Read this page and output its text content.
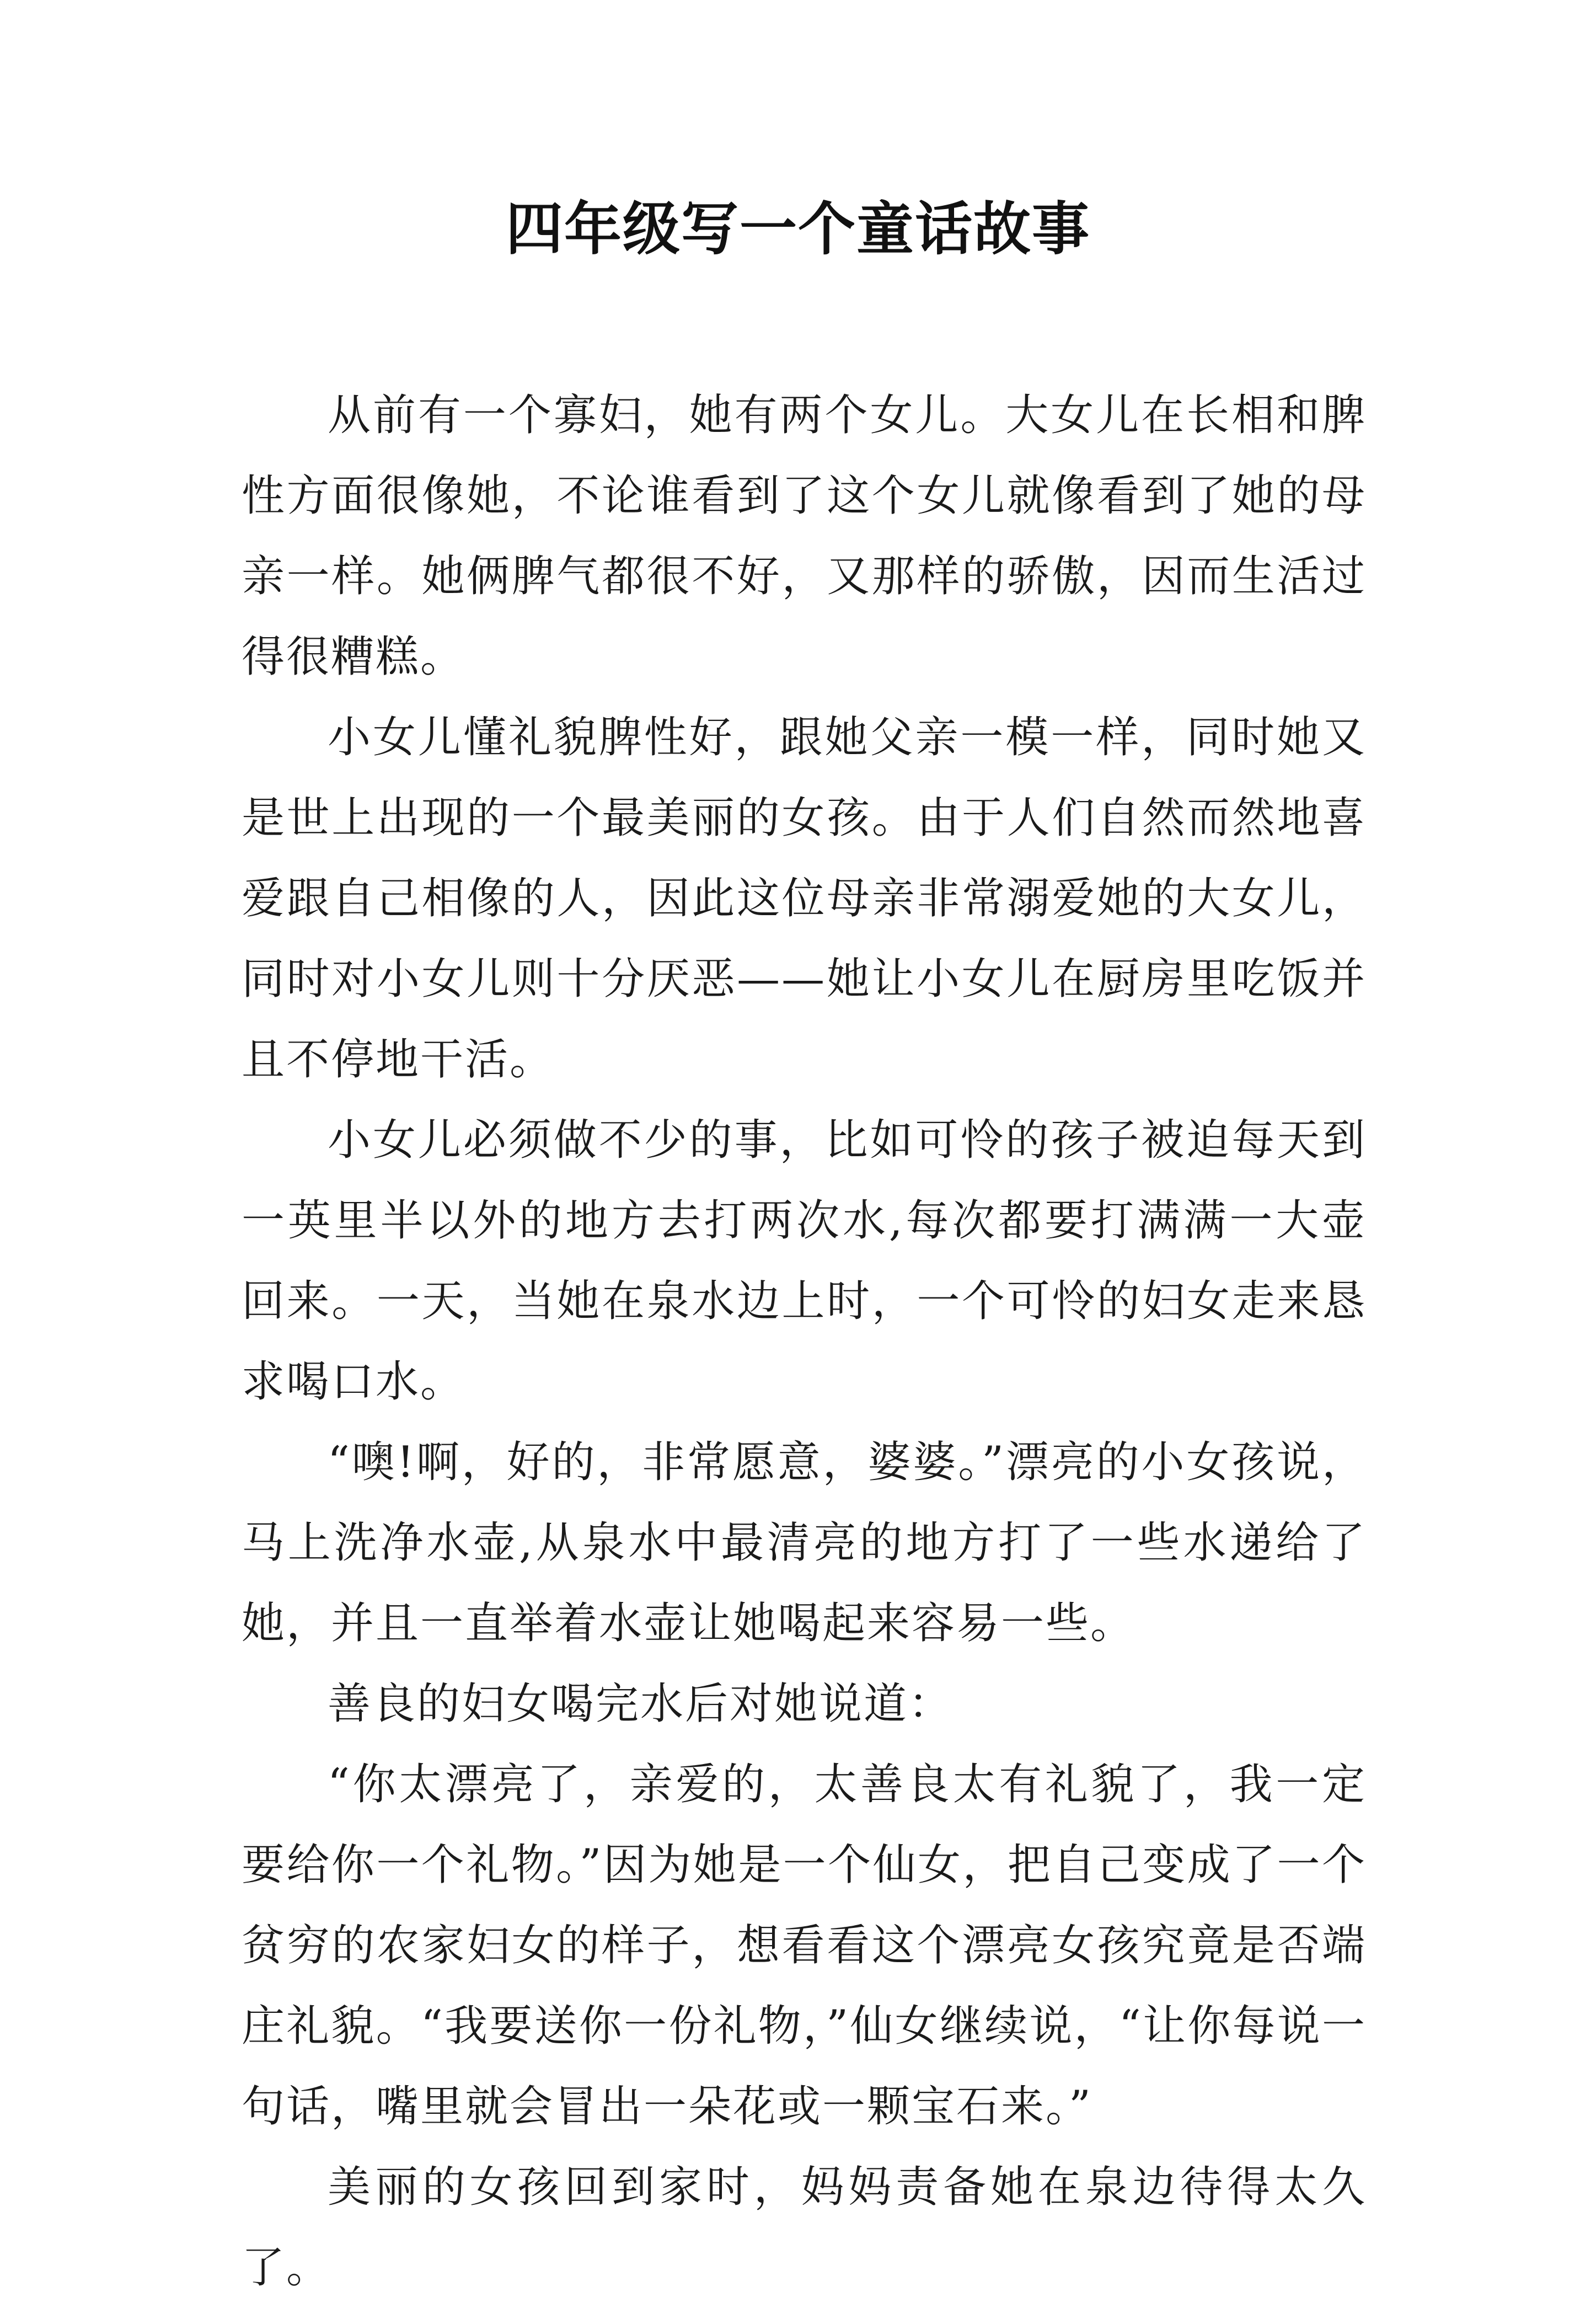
四年级写一个童话故事

从前有一个寡妇，她有两个女儿。大女儿在长相和脾性方面很像她，不论谁看到了这个女儿就像看到了她的母亲一样。她俩脾气都很不好，又那样的骄傲，因而生活过得很糟糕。

小女儿懂礼貌脾性好，跟她父亲一模一样，同时她又是世上出现的一个最美丽的女孩。由于人们自然而然地喜爱跟自己相像的人，因此这位母亲非常溺爱她的大女儿，同时对小女儿则十分厌恶——她让小女儿在厨房里吃饭并且不停地干活。

小女儿必须做不少的事，比如可怜的孩子被迫每天到一英里半以外的地方去打两次水,每次都要打满满一大壶回来。一天，当她在泉水边上时，一个可怜的妇女走来恳求喝口水。

“噢!啊，好的，非常愿意，婆婆。”漂亮的小女孩说，马上洗净水壶,从泉水中最清亮的地方打了一些水递给了她，并且一直举着水壶让她喝起来容易一些。

善良的妇女喝完水后对她说道：

“你太漂亮了，亲爱的，太善良太有礼貌了，我一定要给你一个礼物。”因为她是一个仙女，把自己变成了一个贫穷的农家妇女的样子，想看看这个漂亮女孩究竟是否端庄礼貌。“我要送你一份礼物，”仙女继续说，“让你每说一句话，嘴里就会冒出一朵花或一颗宝石来。”

美丽的女孩回到家时，妈妈责备她在泉边待得太久了。
